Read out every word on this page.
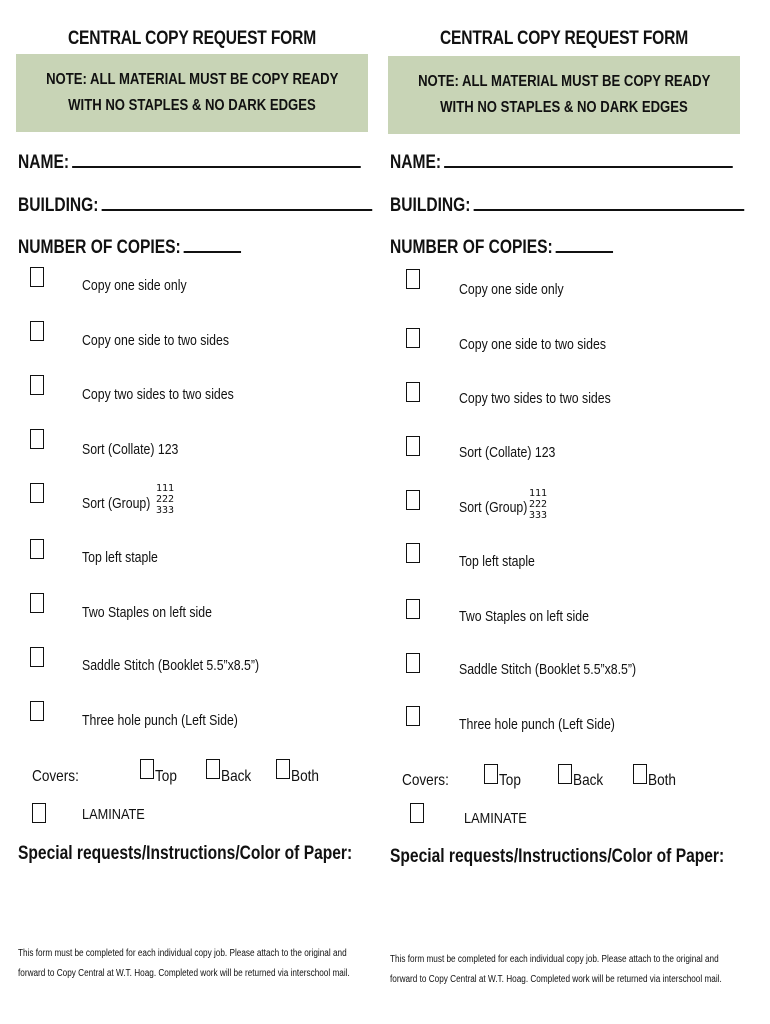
CENTRAL COPY REQUEST FORM
NOTE: ALL MATERIAL MUST BE COPY READY
WITH NO STAPLES & NO DARK EDGES
NAME:
BUILDING:
NUMBER OF COPIES:
Copy one side only
Copy one side to two sides
Copy two sides to two sides
Sort (Collate) 123
Sort (Group)
111
222
333
Top left staple
Two Staples on left side
Saddle Stitch (Booklet 5.5”x8.5”)
Three hole punch (Left Side)
Covers:	Top	Back Both
LAMINATE
Special requests/Instructions/Color of Paper:
This form must be completed for each individual copy job. Please attach to the original and
forward to Copy Central at W.T. Hoag. Completed work will be returned via interschool mail.
CENTRAL COPY REQUEST FORM
NOTE: ALL MATERIAL MUST BE COPY READY
WITH NO STAPLES & NO DARK EDGES
NAME:
BUILDING:
NUMBER OF COPIES:
Copy one side only
Copy one side to two sides
Copy two sides to two sides
Sort (Collate) 123
Sort (Group)
111
222
333
Top left staple
Two Staples on left side
Saddle Stitch (Booklet 5.5”x8.5”)
Three hole punch (Left Side)
Covers:	Top	Back	Both
LAMINATE
Special requests/Instructions/Color of Paper:
This form must be completed for each individual copy job. Please attach to the original and
forward to Copy Central at W.T. Hoag. Completed work will be returned via interschool mail.
